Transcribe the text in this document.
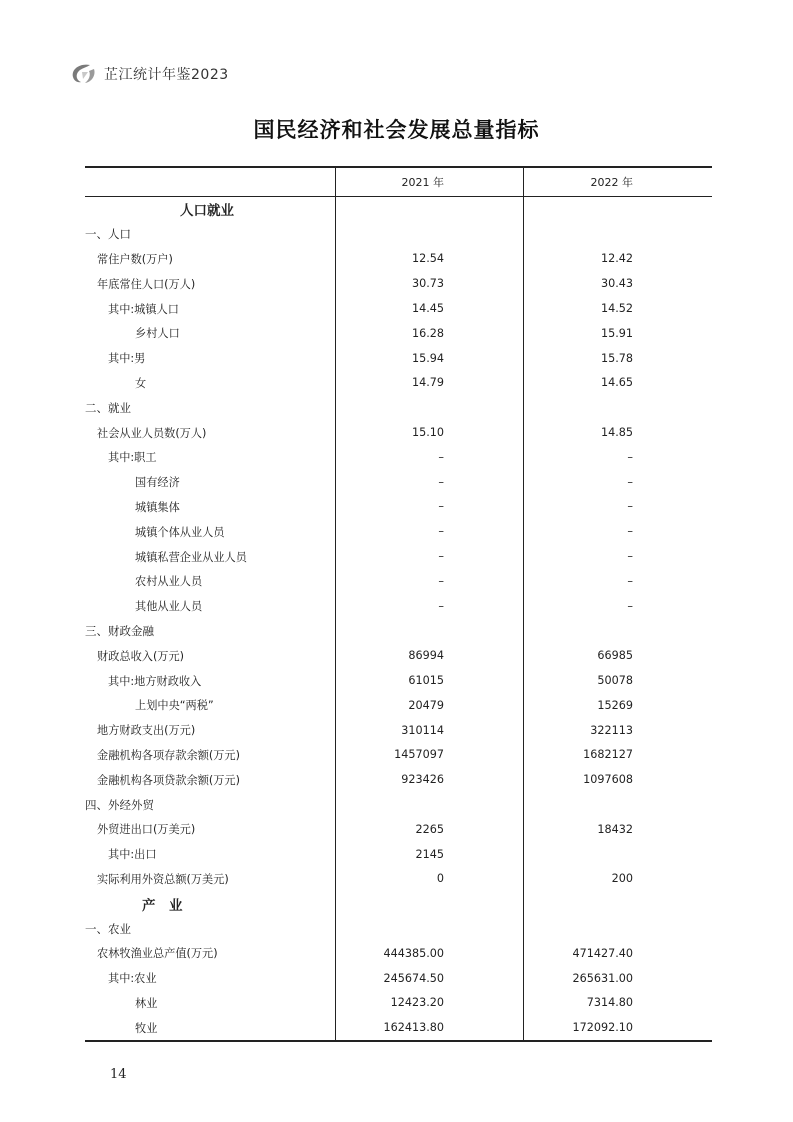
芷江统计年鉴2023
国民经济和社会发展总量指标
2021 年	2022 年
人口就业
一、人口
常住户数(万户)	12.54	12.42
年底常住人口(万人)	30.73	30.43
其中:城镇人口	14.45	14.52
乡村人口	16.28	15.91
其中:男	15.94	15.78
女	14.79	14.65
二、就业
社会从业人员数(万人)	15.10	14.85
其中:职工	–	–
国有经济	–	–
城镇集体	–	–
城镇个体从业人员	–	–
城镇私营企业从业人员	–	–
农村从业人员	–	–
其他从业人员	–	–
三、财政金融
财政总收入(万元)	86994	66985
其中:地方财政收入	61015	50078
上划中央“两税”	20479	15269
地方财政支出(万元)	310114	322113
金融机构各项存款余额(万元)	1457097	1682127
金融机构各项贷款余额(万元)	923426	1097608
四、外经外贸
外贸进出口(万美元)	2265	18432
其中:出口	2145
实际利用外资总额(万美元)	0	200
产　业
一、农业
农林牧渔业总产值(万元)	444385.00	471427.40
其中:农业	245674.50	265631.00
林业	12423.20	7314.80
牧业	162413.80	172092.10
14
